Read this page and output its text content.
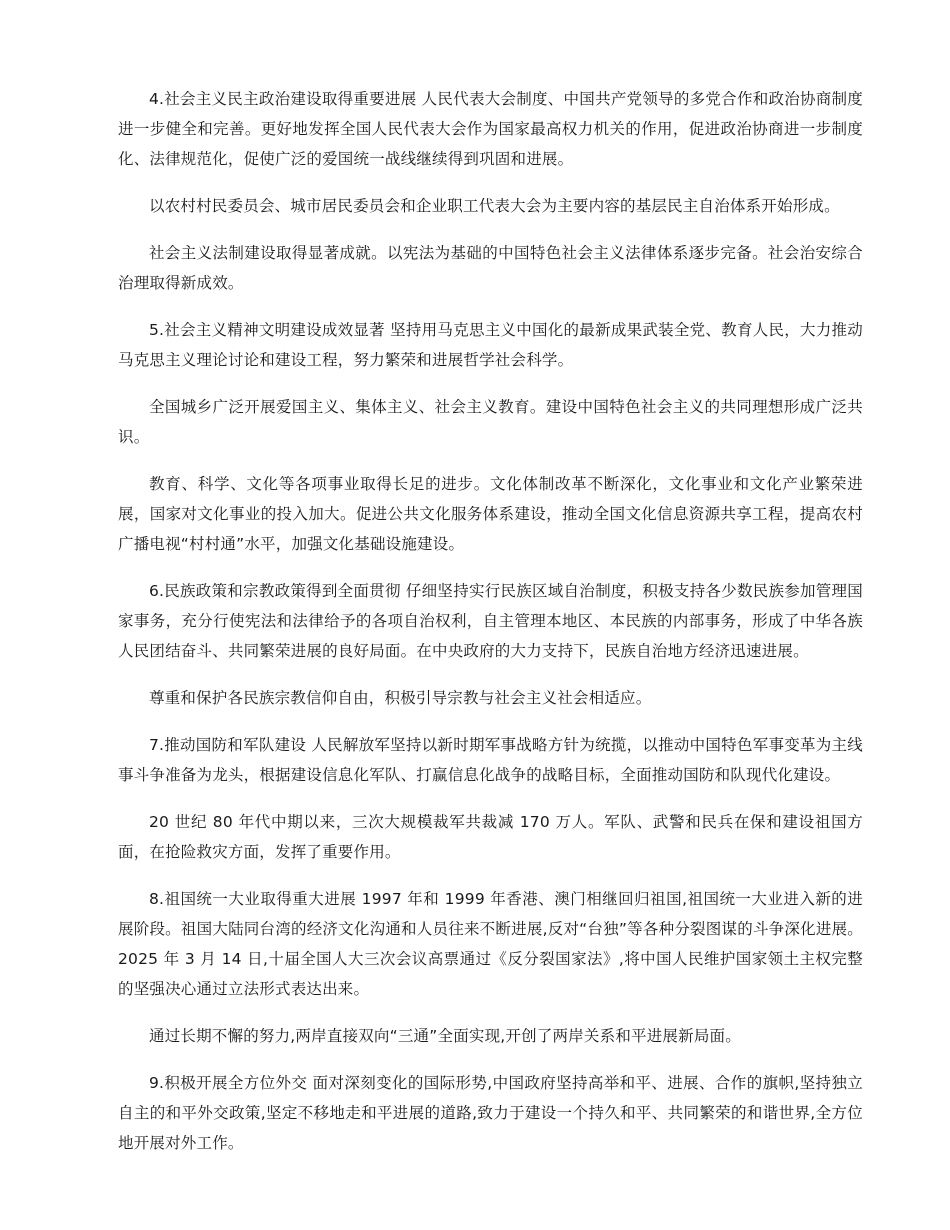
4.社会主义民主政治建设取得重要进展 人民代表大会制度、中国共产党领导的多党合作和政治协商制度进一步健全和完善。更好地发挥全国人民代表大会作为国家最高权力机关的作用，促进政治协商进一步制度化、法律规范化，促使广泛的爱国统一战线继续得到巩固和进展。

以农村村民委员会、城市居民委员会和企业职工代表大会为主要内容的基层民主自治体系开始形成。

社会主义法制建设取得显著成就。以宪法为基础的中国特色社会主义法律体系逐步完备。社会治安综合治理取得新成效。

5.社会主义精神文明建设成效显著 坚持用马克思主义中国化的最新成果武装全党、教育人民，大力推动马克思主义理论讨论和建设工程，努力繁荣和进展哲学社会科学。

全国城乡广泛开展爱国主义、集体主义、社会主义教育。建设中国特色社会主义的共同理想形成广泛共识。

教育、科学、文化等各项事业取得长足的进步。文化体制改革不断深化，文化事业和文化产业繁荣进展，国家对文化事业的投入加大。促进公共文化服务体系建设，推动全国文化信息资源共享工程，提高农村广播电视“村村通”水平，加强文化基础设施建设。

6.民族政策和宗教政策得到全面贯彻 仔细坚持实行民族区域自治制度，积极支持各少数民族参加管理国家事务，充分行使宪法和法律给予的各项自治权利，自主管理本地区、本民族的内部事务，形成了中华各族人民团结奋斗、共同繁荣进展的良好局面。在中央政府的大力支持下，民族自治地方经济迅速进展。

尊重和保护各民族宗教信仰自由，积极引导宗教与社会主义社会相适应。

7.推动国防和军队建设 人民解放军坚持以新时期军事战略方针为统揽，以推动中国特色军事变革为主线事斗争准备为龙头，根据建设信息化军队、打赢信息化战争的战略目标，全面推动国防和队现代化建设。

20 世纪 80 年代中期以来，三次大规模裁军共裁减 170 万人。军队、武警和民兵在保和建设祖国方面，在抢险救灾方面，发挥了重要作用。

8.祖国统一大业取得重大进展 1997 年和 1999 年香港、澳门相继回归祖国,祖国统一大业进入新的进展阶段。祖国大陆同台湾的经济文化沟通和人员往来不断进展,反对“台独”等各种分裂图谋的斗争深化进展。2025 年 3 月 14 日,十届全国人大三次会议高票通过《反分裂国家法》,将中国人民维护国家领土主权完整的坚强决心通过立法形式表达出来。

通过长期不懈的努力,两岸直接双向“三通”全面实现,开创了两岸关系和平进展新局面。

9.积极开展全方位外交 面对深刻变化的国际形势,中国政府坚持高举和平、进展、合作的旗帜,坚持独立自主的和平外交政策,坚定不移地走和平进展的道路,致力于建设一个持久和平、共同繁荣的和谐世界,全方位地开展对外工作。
